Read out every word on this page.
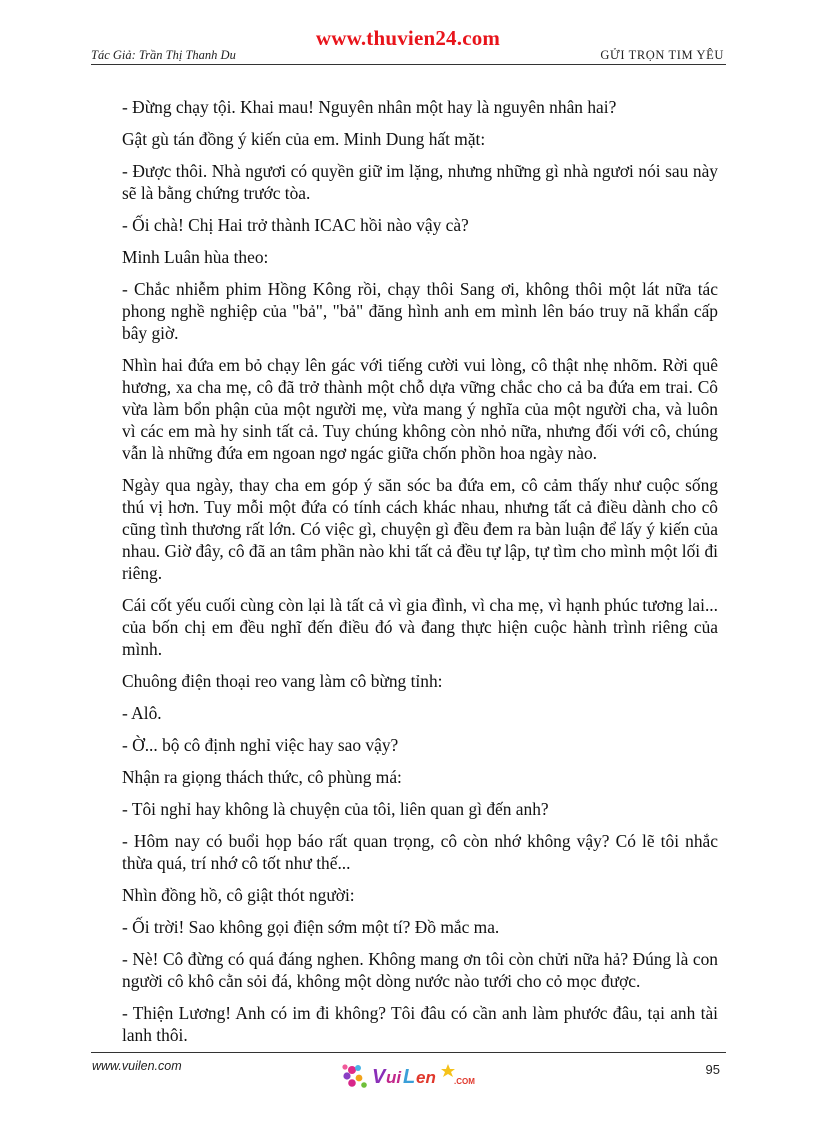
www.thuvien24.com
Tác Giả: Trần Thị Thanh Du	GỬI TRỌN TIM YÊU

- Đừng chạy tội. Khai mau! Nguyên nhân một hay là nguyên nhân hai?

Gật gù tán đồng ý kiến của em. Minh Dung hất mặt:

- Được thôi. Nhà ngươi có quyền giữ im lặng, nhưng những gì nhà ngươi nói sau này sẽ là bằng chứng trước tòa.

- Ối chà! Chị Hai trở thành ICAC hồi nào vậy cà?

Minh Luân hùa theo:

- Chắc nhiễm phim Hồng Kông rồi, chạy thôi Sang ơi, không thôi một lát nữa tác phong nghề nghiệp của "bả", "bả" đăng hình anh em mình lên báo truy nã khẩn cấp bây giờ.

Nhìn hai đứa em bỏ chạy lên gác với tiếng cười vui lòng, cô thật nhẹ nhõm. Rời quê hương, xa cha mẹ, cô đã trở thành một chỗ dựa vững chắc cho cả ba đứa em trai. Cô vừa làm bổn phận của một người mẹ, vừa mang ý nghĩa của một người cha, và luôn vì các em mà hy sinh tất cả. Tuy chúng không còn nhỏ nữa, nhưng đối với cô, chúng vẫn là những đứa em ngoan ngơ ngác giữa chốn phồn hoa ngày nào.

Ngày qua ngày, thay cha em góp ý săn sóc ba đứa em, cô cảm thấy như cuộc sống thú vị hơn. Tuy mỗi một đứa có tính cách khác nhau, nhưng tất cả điều dành cho cô cũng tình thương rất lớn. Có việc gì, chuyện gì đều đem ra bàn luận để lấy ý kiến của nhau. Giờ đây, cô đã an tâm phần nào khi tất cả đều tự lập, tự tìm cho mình một lối đi riêng.

Cái cốt yếu cuối cùng còn lại là tất cả vì gia đình, vì cha mẹ, vì hạnh phúc tương lai... của bốn chị em đều nghĩ đến điều đó và đang thực hiện cuộc hành trình riêng của mình.

Chuông điện thoại reo vang làm cô bừng tỉnh:

- Alô.

- Ờ... bộ cô định nghỉ việc hay sao vậy?

Nhận ra giọng thách thức, cô phùng má:

- Tôi nghỉ hay không là chuyện của tôi, liên quan gì đến anh?

- Hôm nay có buổi họp báo rất quan trọng, cô còn nhớ không vậy? Có lẽ tôi nhắc thừa quá, trí nhớ cô tốt như thế...

Nhìn đồng hồ, cô giật thót người:

- Ối trời! Sao không gọi điện sớm một tí? Đồ mắc ma.

- Nè! Cô đừng có quá đáng nghen. Không mang ơn tôi còn chửi nữa hả? Đúng là con người cô khô cằn sỏi đá, không một dòng nước nào tưới cho cỏ mọc được.

- Thiện Lương! Anh có im đi không? Tôi đâu có cần anh làm phước đâu, tại anh tài lanh thôi.

www.vuilen.com	V ui L en .COM
95
